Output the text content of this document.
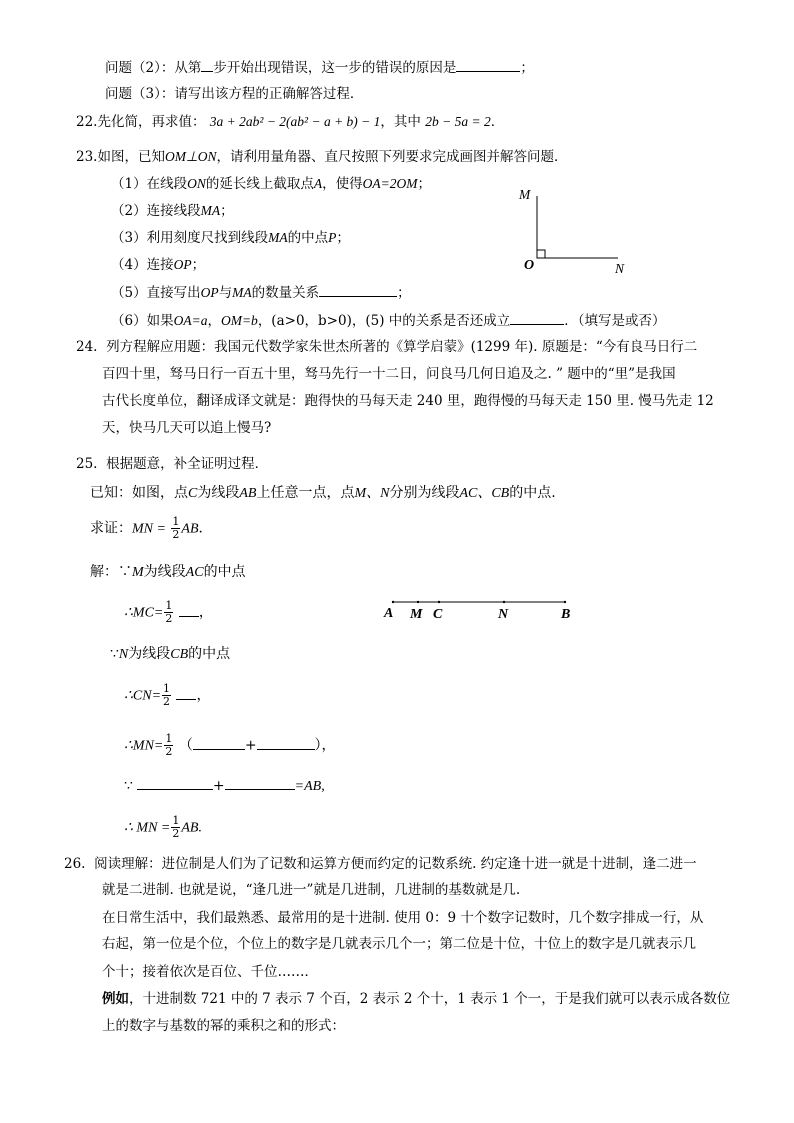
问题（2）：从第 步开始出现错误，这一步的错误的原因是	；
问题（3）：请写出该方程的正确解答过程．
22.先化简，再求值： 3a + 2ab² − 2(ab² − a + b) − 1，其中 2b − 5a = 2．
23.如图，已知OM⊥ON，请利用量角器、直尺按照下列要求完成画图并解答问题．
（1）在线段ON的延长线上截取点A，使得OA=2OM；
（2）连接线段MA；
（3）利用刻度尺找到线段MA的中点P；
（4）连接OP；
（5）直接写出OP与MA的数量关系	；
（6）如果OA=a，OM=b，(a>0，b>0)，(5) 中的关系是否还成立	．（填写是或否）
M
O	N
24. 列方程解应用题：我国元代数学家朱世杰所著的《算学启蒙》(1299 年). 原题是：“今有良马日行二
百四十里，驽马日行一百五十里，驽马先行一十二日，问良马几何日追及之. ” 题中的“里”是我国
古代长度单位，翻译成译文就是：跑得快的马每天走 240 里，跑得慢的马每天走 150 里. 慢马先走 12
天，快马几天可以追上慢马?
25. 根据题意，补全证明过程．
已知：如图，点C为线段AB上任意一点，点M、N分别为线段AC、CB的中点.
求证：MN = $\frac{1}{2}$ AB．
解：∵M为线段AC的中点
∴MC= $\frac{1}{2}$ ，	A M C	N	B
∵N为线段CB的中点
∴CN= $\frac{1}{2}$ ，
∴MN= $\frac{1}{2}$ （	+	），
∵	+	=AB,
∴ MN = $\frac{1}{2}$ AB.
26. 阅读理解：进位制是人们为了记数和运算方便而约定的记数系统. 约定逢十进一就是十进制，逢二进一
就是二进制. 也就是说，“逢几进一”就是几进制，几进制的基数就是几.
在日常生活中，我们最熟悉、最常用的是十进制. 使用 0：9 十个数字记数时，几个数字排成一行，从
右起，第一位是个位，个位上的数字是几就表示几个一；第二位是十位，十位上的数字是几就表示几
个十；接着依次是百位、千位……．
例如，十进制数 721 中的 7 表示 7 个百，2 表示 2 个十，1 表示 1 个一，于是我们就可以表示成各数位
上的数字与基数的幂的乘积之和的形式：
